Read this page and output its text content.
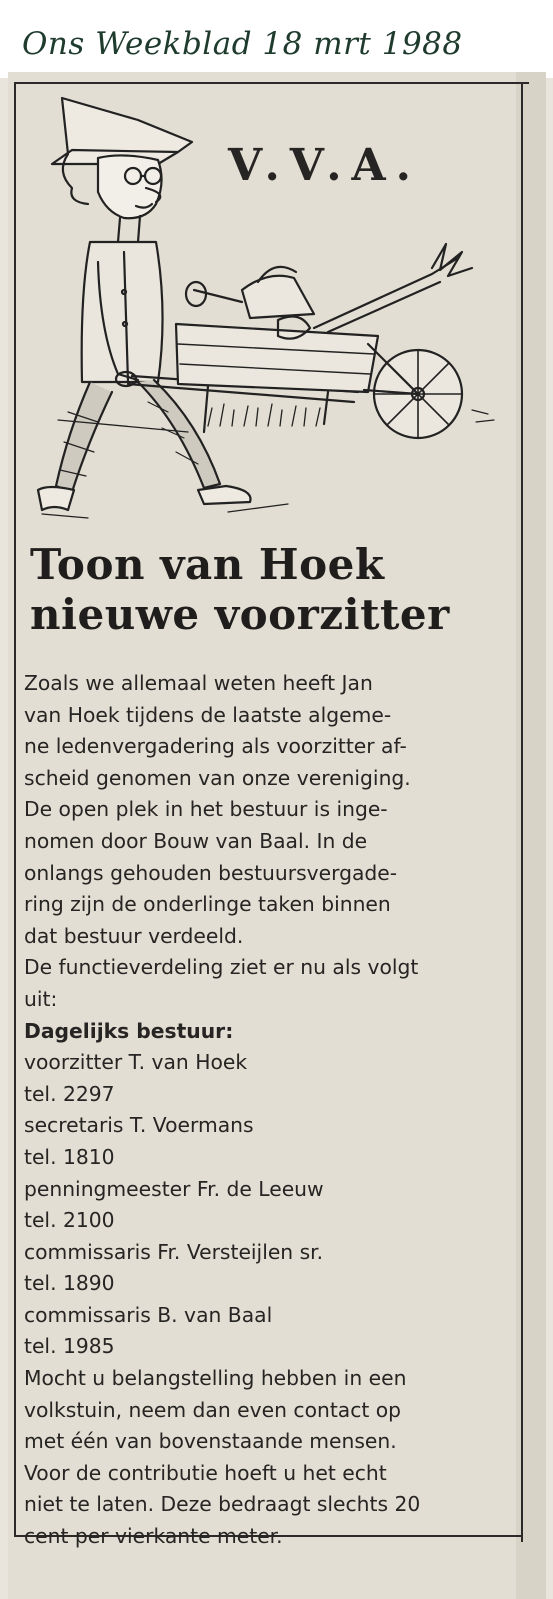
Ons Weekblad 18 mrt 1988
V.V.A.
Toon van Hoek
nieuwe voorzitter
Zoals we allemaal weten heeft Jan
van Hoek tijdens de laatste algeme-
ne ledenvergadering als voorzitter af-
scheid genomen van onze vereniging.
De open plek in het bestuur is inge-
nomen door Bouw van Baal. In de
onlangs gehouden bestuursvergade-
ring zijn de onderlinge taken binnen
dat bestuur verdeeld.
De functieverdeling ziet er nu als volgt
uit:
Dagelijks bestuur:
voorzitter T. van Hoek
tel. 2297
secretaris T. Voermans
tel. 1810
penningmeester Fr. de Leeuw
tel. 2100
commissaris Fr. Versteijlen sr.
tel. 1890
commissaris B. van Baal
tel. 1985
Mocht u belangstelling hebben in een
volkstuin, neem dan even contact op
met één van bovenstaande mensen.
Voor de contributie hoeft u het echt
niet te laten. Deze bedraagt slechts 20
cent per vierkante meter.
